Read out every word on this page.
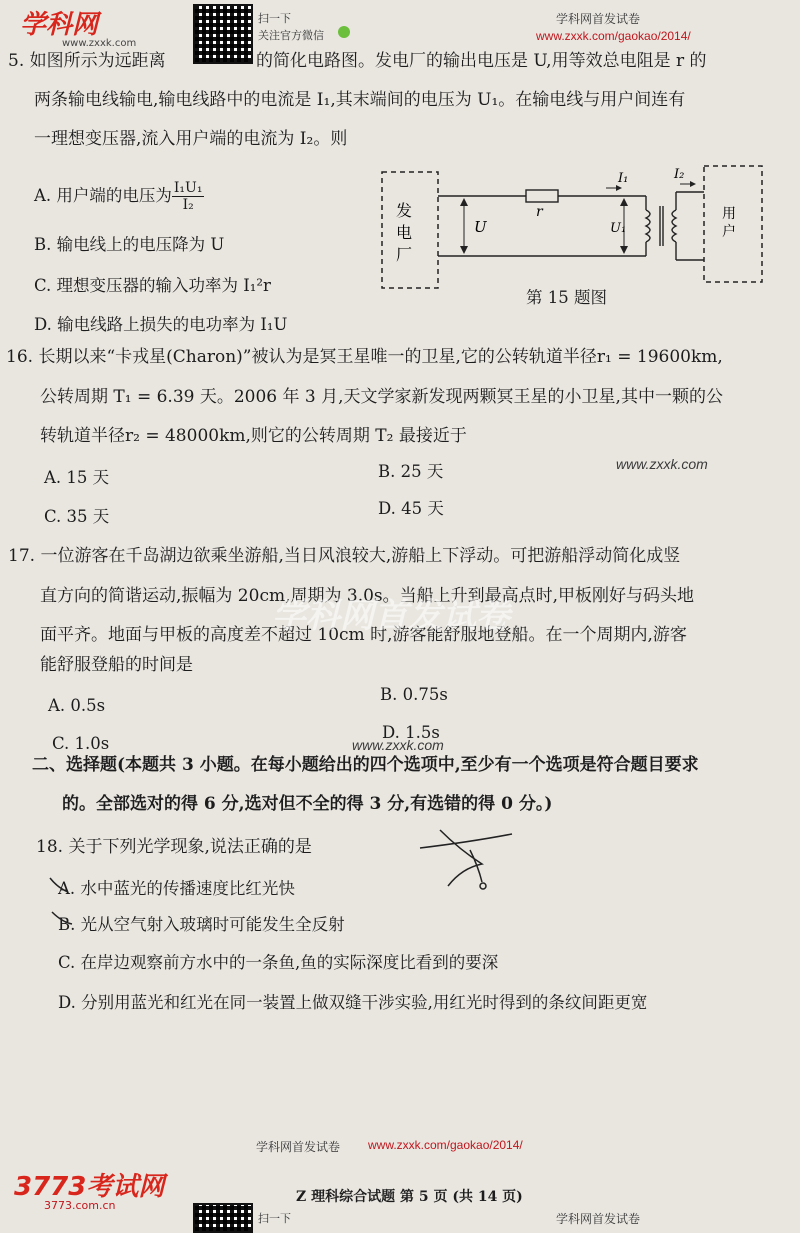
学科网
www.zxxk.com
扫一下
关注官方微信
学科网首发试卷
www.zxxk.com/gaokao/2014/
5. 如图所示为远距离	的简化电路图。发电厂的输出电压是 U,用等效总电阻是 r 的
两条输电线输电,输电线路中的电流是 I₁,其末端间的电压为 U₁。在输电线与用户间连有
一理想变压器,流入用户端的电流为 I₂。则
A. 用户端的电压为 $\frac{\text{I₁U₁}}{\text{I₂}}$
B. 输电线上的电压降为 U
C. 理想变压器的输入功率为 I₁²r
D. 输电线路上损失的电功率为 I₁U
发
电
厂
用
户
U
r
U₁
I₁	I₂
第 15 题图
16. 长期以来“卡戎星(Charon)”被认为是冥王星唯一的卫星,它的公转轨道半径r₁ = 19600km,
公转周期 T₁ = 6.39 天。2006 年 3 月,天文学家新发现两颗冥王星的小卫星,其中一颗的公
转轨道半径r₂ = 48000km,则它的公转周期 T₂ 最接近于
A. 15 天	B. 25 天
C. 35 天	D. 45 天
www.zxxk.com
17. 一位游客在千岛湖边欲乘坐游船,当日风浪较大,游船上下浮动。可把游船浮动简化成竖
直方向的简谐运动,振幅为 20cm,周期为 3.0s。当船上升到最高点时,甲板刚好与码头地
面平齐。地面与甲板的高度差不超过 10cm 时,游客能舒服地登船。在一个周期内,游客
能舒服登船的时间是
A. 0.5s
B. 0.75s
C. 1.0s
D. 1.5s
www.zxxk.com
学科网首发试卷
二、选择题(本题共 3 小题。在每小题给出的四个选项中,至少有一个选项是符合题目要求
的。全部选对的得 6 分,选对但不全的得 3 分,有选错的得 0 分。)
18. 关于下列光学现象,说法正确的是
A. 水中蓝光的传播速度比红光快
B. 光从空气射入玻璃时可能发生全反射
C. 在岸边观察前方水中的一条鱼,鱼的实际深度比看到的要深
D. 分别用蓝光和红光在同一装置上做双缝干涉实验,用红光时得到的条纹间距更宽
学科网首发试卷 www.zxxk.com/gaokao/2014/
3773考试网
3773.com.cn
Z 理科综合试题 第 5 页 (共 14 页)
扫一下	学科网首发试卷
